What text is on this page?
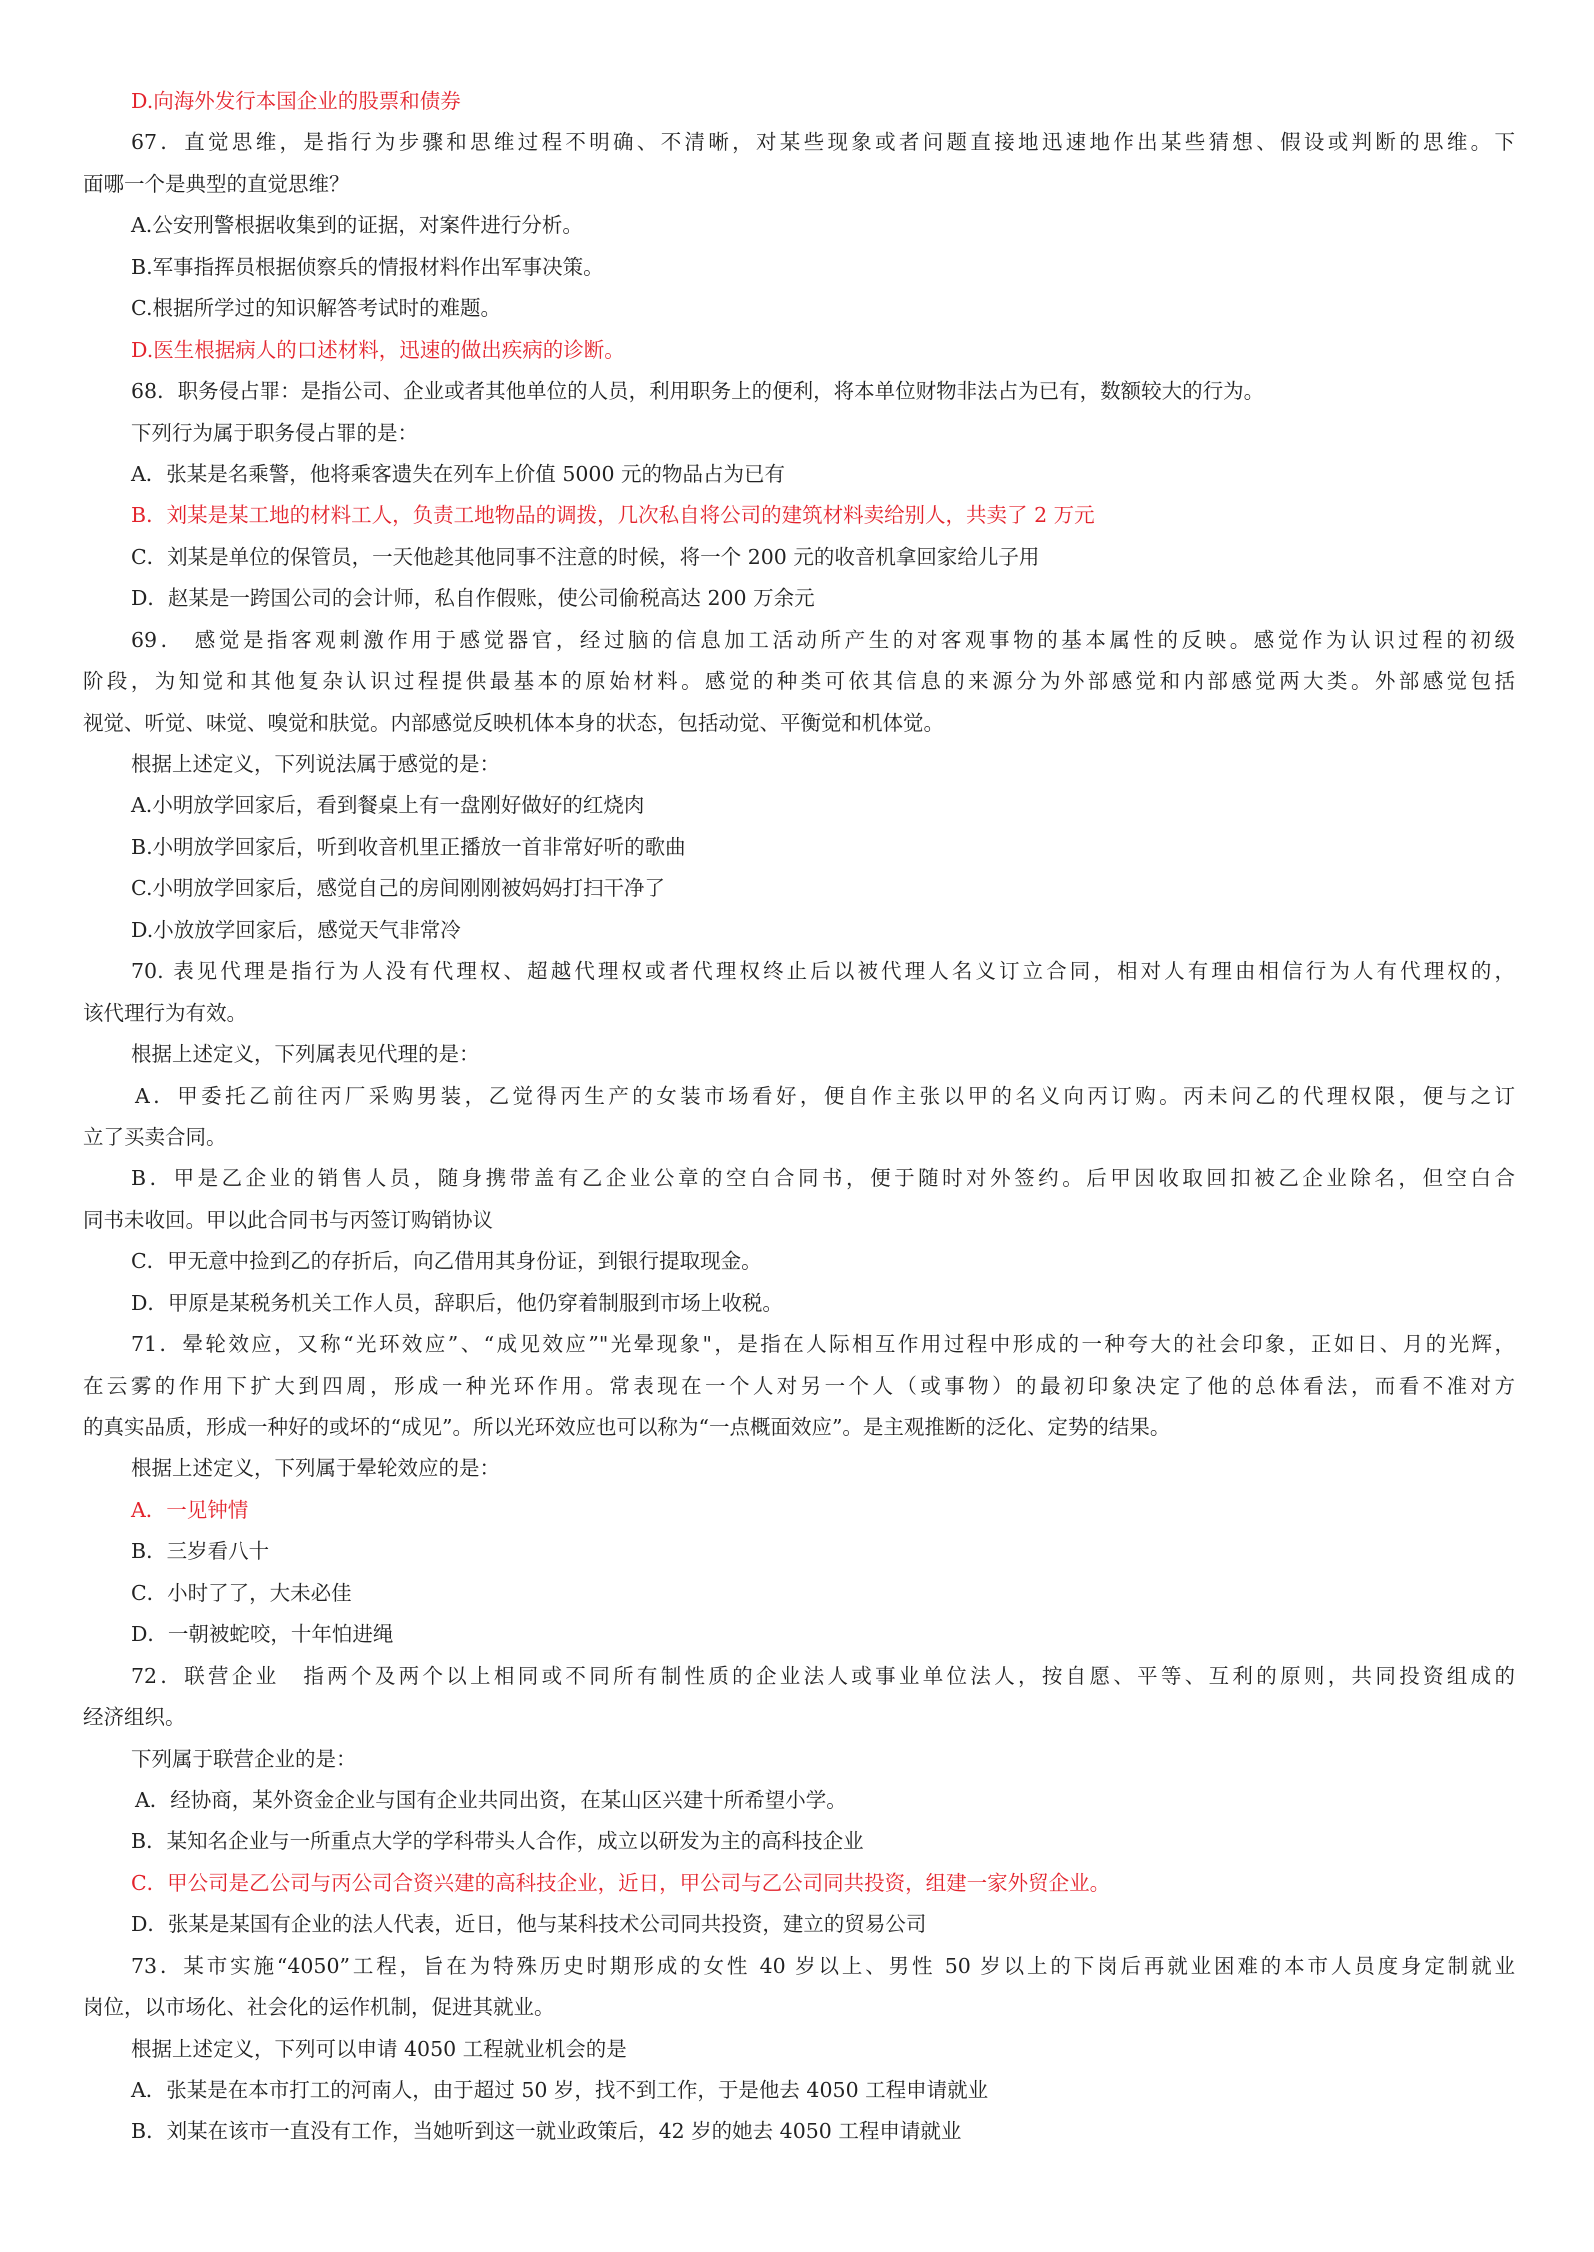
D.向海外发行本国企业的股票和债券
67．直觉思维，是指行为步骤和思维过程不明确、不清晰，对某些现象或者问题直接地迅速地作出某些猜想、假设或判断的思维。下
面哪一个是典型的直觉思维？
A.公安刑警根据收集到的证据，对案件进行分析。
B.军事指挥员根据侦察兵的情报材料作出军事决策。
C.根据所学过的知识解答考试时的难题。
D.医生根据病人的口述材料，迅速的做出疾病的诊断。
68．职务侵占罪：是指公司、企业或者其他单位的人员，利用职务上的便利，将本单位财物非法占为已有，数额较大的行为。
下列行为属于职务侵占罪的是：
A．张某是名乘警，他将乘客遗失在列车上价值 5000 元的物品占为已有
B．刘某是某工地的材料工人，负责工地物品的调拨，几次私自将公司的建筑材料卖给别人，共卖了 2 万元
C．刘某是单位的保管员，一天他趁其他同事不注意的时候，将一个 200 元的收音机拿回家给儿子用
D．赵某是一跨国公司的会计师，私自作假账，使公司偷税高达 200 万余元
69． 感觉是指客观刺激作用于感觉器官，经过脑的信息加工活动所产生的对客观事物的基本属性的反映。感觉作为认识过程的初级
阶段，为知觉和其他复杂认识过程提供最基本的原始材料。感觉的种类可依其信息的来源分为外部感觉和内部感觉两大类。外部感觉包括
视觉、听觉、味觉、嗅觉和肤觉。内部感觉反映机体本身的状态，包括动觉、平衡觉和机体觉。
根据上述定义，下列说法属于感觉的是：
A.小明放学回家后，看到餐桌上有一盘刚好做好的红烧肉
B.小明放学回家后，听到收音机里正播放一首非常好听的歌曲
C.小明放学回家后，感觉自己的房间刚刚被妈妈打扫干净了
D.小放放学回家后，感觉天气非常冷
70. 表见代理是指行为人没有代理权、超越代理权或者代理权终止后以被代理人名义订立合同，相对人有理由相信行为人有代理权的，
该代理行为有效。
根据上述定义，下列属表见代理的是：
A．甲委托乙前往丙厂采购男装，乙觉得丙生产的女装市场看好，便自作主张以甲的名义向丙订购。丙未问乙的代理权限，便与之订
立了买卖合同。
B．甲是乙企业的销售人员，随身携带盖有乙企业公章的空白合同书，便于随时对外签约。后甲因收取回扣被乙企业除名，但空白合
同书未收回。甲以此合同书与丙签订购销协议
C．甲无意中捡到乙的存折后，向乙借用其身份证，到银行提取现金。
D．甲原是某税务机关工作人员，辞职后，他仍穿着制服到市场上收税。
71．晕轮效应，又称“光环效应”、“成见效应”"光晕现象"，是指在人际相互作用过程中形成的一种夸大的社会印象，正如日、月的光辉，
在云雾的作用下扩大到四周，形成一种光环作用。常表现在一个人对另一个人（或事物）的最初印象决定了他的总体看法，而看不准对方
的真实品质，形成一种好的或坏的“成见”。所以光环效应也可以称为“一点概面效应”。是主观推断的泛化、定势的结果。
根据上述定义，下列属于晕轮效应的是：
A．一见钟情
B．三岁看八十
C．小时了了，大未必佳
D．一朝被蛇咬，十年怕进绳
72．联营企业　指两个及两个以上相同或不同所有制性质的企业法人或事业单位法人，按自愿、平等、互利的原则，共同投资组成的
经济组织。
下列属于联营企业的是：
A．经协商，某外资金企业与国有企业共同出资，在某山区兴建十所希望小学。
B．某知名企业与一所重点大学的学科带头人合作，成立以研发为主的高科技企业
C．甲公司是乙公司与丙公司合资兴建的高科技企业，近日，甲公司与乙公司同共投资，组建一家外贸企业。
D．张某是某国有企业的法人代表，近日，他与某科技术公司同共投资，建立的贸易公司
73．某市实施“4050”工程，旨在为特殊历史时期形成的女性 40 岁以上、男性 50 岁以上的下岗后再就业困难的本市人员度身定制就业
岗位，以市场化、社会化的运作机制，促进其就业。
根据上述定义，下列可以申请 4050 工程就业机会的是
A．张某是在本市打工的河南人，由于超过 50 岁，找不到工作，于是他去 4050 工程申请就业
B．刘某在该市一直没有工作，当她听到这一就业政策后，42 岁的她去 4050 工程申请就业
